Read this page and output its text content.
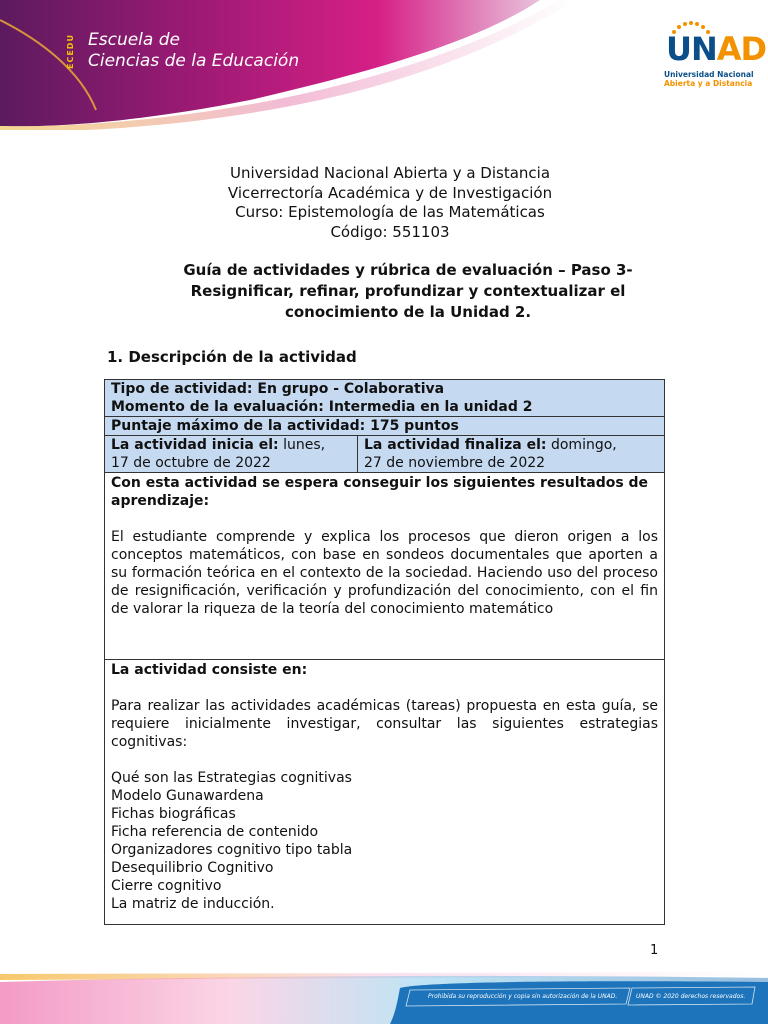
ECEDU Escuela de
Ciencias de la Educación	UNAD
Universidad Nacional
Abierta y a Distancia
Universidad Nacional Abierta y a Distancia
Vicerrectoría Académica y de Investigación
Curso: Epistemología de las Matemáticas
Código: 551103
Guía de actividades y rúbrica de evaluación – Paso 3-
Resignificar, refinar, profundizar y contextualizar el
conocimiento de la Unidad 2.
1. Descripción de la actividad
Tipo de actividad: En grupo - Colaborativa
Momento de la evaluación: Intermedia en la unidad 2

Puntaje máximo de la actividad: 175 puntos

La actividad inicia el: lunes,
17 de octubre de 2022

La actividad finaliza el: domingo,
27 de noviembre de 2022

Con esta actividad se espera conseguir los siguientes resultados de aprendizaje:
El estudiante comprende y explica los procesos que dieron origen a los conceptos matemáticos, con base en sondeos documentales que aporten a su formación teórica en el contexto de la sociedad. Haciendo uso del proceso de resignificación, verificación y profundización del conocimiento, con el fin de valorar la riqueza de la teoría del conocimiento matemático

La actividad consiste en:
Para realizar las actividades académicas (tareas) propuesta en esta guía, se requiere inicialmente investigar, consultar las siguientes estrategias cognitivas:
Qué son las Estrategias cognitivas
Modelo Gunawardena
Fichas biográficas
Ficha referencia de contenido
Organizadores cognitivo tipo tabla
Desequilibrio Cognitivo
Cierre cognitivo
La matriz de inducción.
1
Prohibida su reproducción y copia sin autorización de la UNAD.	UNAD © 2020 derechos reservados.
